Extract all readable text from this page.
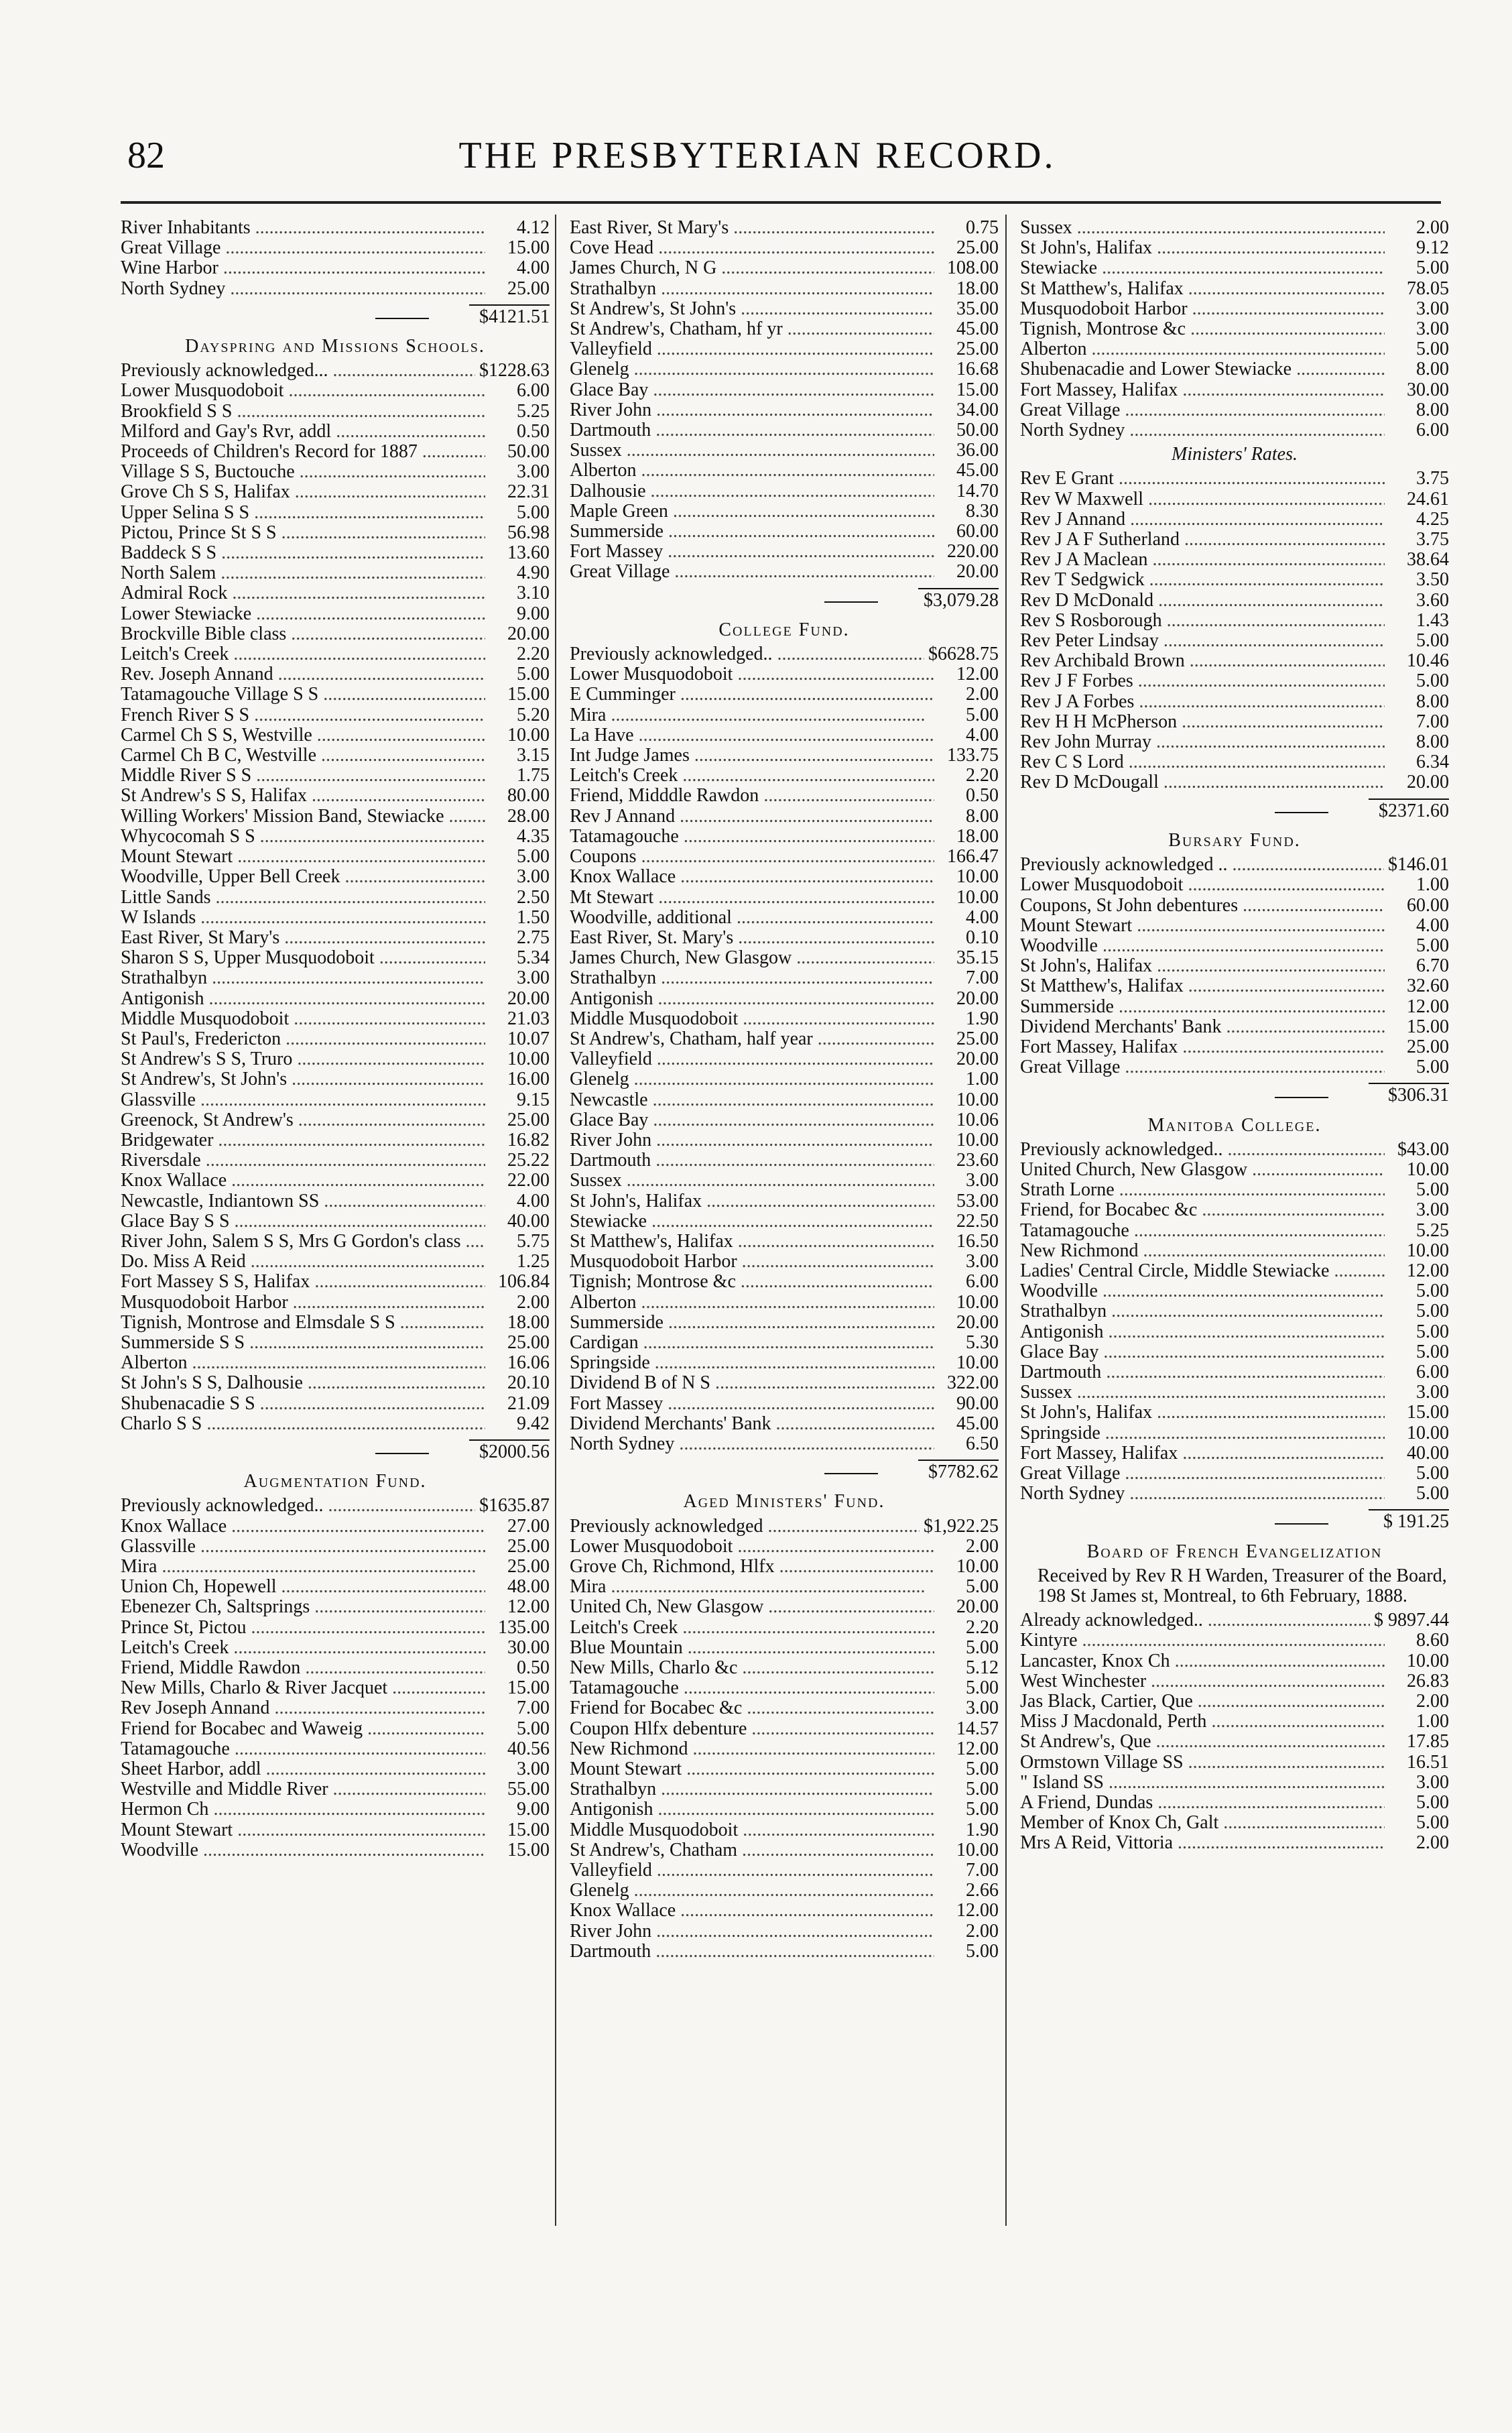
82	THE PRESBYTERIAN RECORD.
River Inhabitants .....	4.12
Great Village .....	15.00
Wine Harbor .....	4.00
North Sydney .....	25.00
$4121.51
Dayspring and Missions Schools.
Previously acknowledged... .....	$1228.63
Lower Musquodoboit .....	6.00
Brookfield S S .....	5.25
Milford and Gay's Rvr, addl .....	0.50
Proceeds of Children's Record for 1887 .....	50.00
Village S S, Buctouche .....	3.00
Grove Ch S S, Halifax .....	22.31
Upper Selina S S .....	5.00
Pictou, Prince St S S .....	56.98
Baddeck S S .....	13.60
North Salem .....	4.90
Admiral Rock .....	3.10
Lower Stewiacke .....	9.00
Brockville Bible class .....	20.00
Leitch's Creek .....	2.20
Rev. Joseph Annand .....	5.00
Tatamagouche Village S S .....	15.00
French River S S .....	5.20
Carmel Ch S S, Westville .....	10.00
Carmel Ch B C, Westville .....	3.15
Middle River S S .....	1.75
St Andrew's S S, Halifax .....	80.00
Willing Workers' Mission Band, Stewiacke .....	28.00
Whycocomah S S .....	4.35
Mount Stewart .....	5.00
Woodville, Upper Bell Creek .....	3.00
Little Sands .....	2.50
W Islands .....	1.50
East River, St Mary's .....	2.75
Sharon S S, Upper Musquodoboit .....	5.34
Strathalbyn .....	3.00
Antigonish .....	20.00
Middle Musquodoboit .....	21.03
St Paul's, Fredericton .....	10.07
St Andrew's S S, Truro .....	10.00
St Andrew's, St John's .....	16.00
Glassville .....	9.15
Greenock, St Andrew's .....	25.00
Bridgewater .....	16.82
Riversdale .....	25.22
Knox Wallace .....	22.00
Newcastle, Indiantown SS .....	4.00
Glace Bay S S .....	40.00
River John, Salem S S, Mrs G Gordon's class .....	5.75
Do. Miss A Reid .....	1.25
Fort Massey S S, Halifax .....	106.84
Musquodoboit Harbor .....	2.00
Tignish, Montrose and Elmsdale S S .....	18.00
Summerside S S .....	25.00
Alberton .....	16.06
St John's S S, Dalhousie .....	20.10
Shubenacadie S S .....	21.09
Charlo S S .....	9.42
$2000.56
Augmentation Fund.
Previously acknowledged.. .....	$1635.87
Knox Wallace .....	27.00
Glassville .....	25.00
Mira .....	25.00
Union Ch, Hopewell .....	48.00
Ebenezer Ch, Saltsprings .....	12.00
Prince St, Pictou .....	135.00
Leitch's Creek .....	30.00
Friend, Middle Rawdon .....	0.50
New Mills, Charlo & River Jacquet .....	15.00
Rev Joseph Annand .....	7.00
Friend for Bocabec and Waweig .....	5.00
Tatamagouche .....	40.56
Sheet Harbor, addl .....	3.00
Westville and Middle River .....	55.00
Hermon Ch .....	9.00
Mount Stewart .....	15.00
Woodville .....	15.00
East River, St Mary's .....	0.75
Cove Head .....	25.00
James Church, N G .....	108.00
Strathalbyn .....	18.00
St Andrew's, St John's .....	35.00
St Andrew's, Chatham, hf yr .....	45.00
Valleyfield .....	25.00
Glenelg .....	16.68
Glace Bay .....	15.00
River John .....	34.00
Dartmouth .....	50.00
Sussex .....	36.00
Alberton .....	45.00
Dalhousie .....	14.70
Maple Green .....	8.30
Summerside .....	60.00
Fort Massey .....	220.00
Great Village .....	20.00
$3,079.28
College Fund.
Previously acknowledged.. .....	$6628.75
Lower Musquodoboit .....	12.00
E Cumminger .....	2.00
Mira .....	5.00
La Have .....	4.00
Int Judge James .....	133.75
Leitch's Creek .....	2.20
Friend, Midddle Rawdon .....	0.50
Rev J Annand .....	8.00
Tatamagouche .....	18.00
Coupons .....	166.47
Knox Wallace .....	10.00
Mt Stewart .....	10.00
Woodville, additional .....	4.00
East River, St. Mary's .....	0.10
James Church, New Glasgow .....	35.15
Strathalbyn .....	7.00
Antigonish .....	20.00
Middle Musquodoboit .....	1.90
St Andrew's, Chatham, half year .....	25.00
Valleyfield .....	20.00
Glenelg .....	1.00
Newcastle .....	10.00
Glace Bay .....	10.06
River John .....	10.00
Dartmouth .....	23.60
Sussex .....	3.00
St John's, Halifax .....	53.00
Stewiacke .....	22.50
St Matthew's, Halifax .....	16.50
Musquodoboit Harbor .....	3.00
Tignish; Montrose &c .....	6.00
Alberton .....	10.00
Summerside .....	20.00
Cardigan .....	5.30
Springside .....	10.00
Dividend B of N S .....	322.00
Fort Massey .....	90.00
Dividend Merchants' Bank .....	45.00
North Sydney .....	6.50
$7782.62
Aged Ministers' Fund.
Previously acknowledged .....	$1,922.25
Lower Musquodoboit .....	2.00
Grove Ch, Richmond, Hlfx .....	10.00
Mira .....	5.00
United Ch, New Glasgow .....	20.00
Leitch's Creek .....	2.20
Blue Mountain .....	5.00
New Mills, Charlo &c .....	5.12
Tatamagouche .....	5.00
Friend for Bocabec &c .....	3.00
Coupon Hlfx debenture .....	14.57
New Richmond .....	12.00
Mount Stewart .....	5.00
Strathalbyn .....	5.00
Antigonish .....	5.00
Middle Musquodoboit .....	1.90
St Andrew's, Chatham .....	10.00
Valleyfield .....	7.00
Glenelg .....	2.66
Knox Wallace .....	12.00
River John .....	2.00
Dartmouth .....	5.00
Sussex .....	2.00
St John's, Halifax .....	9.12
Stewiacke .....	5.00
St Matthew's, Halifax .....	78.05
Musquodoboit Harbor .....	3.00
Tignish, Montrose &c .....	3.00
Alberton .....	5.00
Shubenacadie and Lower Stewiacke .....	8.00
Fort Massey, Halifax .....	30.00
Great Village .....	8.00
North Sydney .....	6.00
Ministers' Rates.
Rev E Grant .....	3.75
Rev W Maxwell .....	24.61
Rev J Annand .....	4.25
Rev J A F Sutherland .....	3.75
Rev J A Maclean .....	38.64
Rev T Sedgwick .....	3.50
Rev D McDonald .....	3.60
Rev S Rosborough .....	1.43
Rev Peter Lindsay .....	5.00
Rev Archibald Brown .....	10.46
Rev J F Forbes .....	5.00
Rev J A Forbes .....	8.00
Rev H H McPherson .....	7.00
Rev John Murray .....	8.00
Rev C S Lord .....	6.34
Rev D McDougall .....	20.00
$2371.60
Bursary Fund.
Previously acknowledged .. .....	$146.01
Lower Musquodoboit .....	1.00
Coupons, St John debentures .....	60.00
Mount Stewart .....	4.00
Woodville .....	5.00
St John's, Halifax .....	6.70
St Matthew's, Halifax .....	32.60
Summerside .....	12.00
Dividend Merchants' Bank .....	15.00
Fort Massey, Halifax .....	25.00
Great Village .....	5.00
$306.31
Manitoba College.
Previously acknowledged.. .....	$43.00
United Church, New Glasgow .....	10.00
Strath Lorne .....	5.00
Friend, for Bocabec &c .....	3.00
Tatamagouche .....	5.25
New Richmond .....	10.00
Ladies' Central Circle, Middle Stewiacke .....	12.00
Woodville .....	5.00
Strathalbyn .....	5.00
Antigonish .....	5.00
Glace Bay .....	5.00
Dartmouth .....	6.00
Sussex .....	3.00
St John's, Halifax .....	15.00
Springside .....	10.00
Fort Massey, Halifax .....	40.00
Great Village .....	5.00
North Sydney .....	5.00
$ 191.25
Board of French Evangelization
Received by Rev R H Warden, Treasurer of the Board, 198 St James st, Montreal, to 6th February, 1888.
Already acknowledged.. .....	$ 9897.44
Kintyre .....	8.60
Lancaster, Knox Ch .....	10.00
West Winchester .....	26.83
Jas Black, Cartier, Que .....	2.00
Miss J Macdonald, Perth .....	1.00
St Andrew's, Que .....	17.85
Ormstown Village SS .....	16.51
" Island SS .....	3.00
A Friend, Dundas .....	5.00
Member of Knox Ch, Galt .....	5.00
Mrs A Reid, Vittoria .....	2.00
